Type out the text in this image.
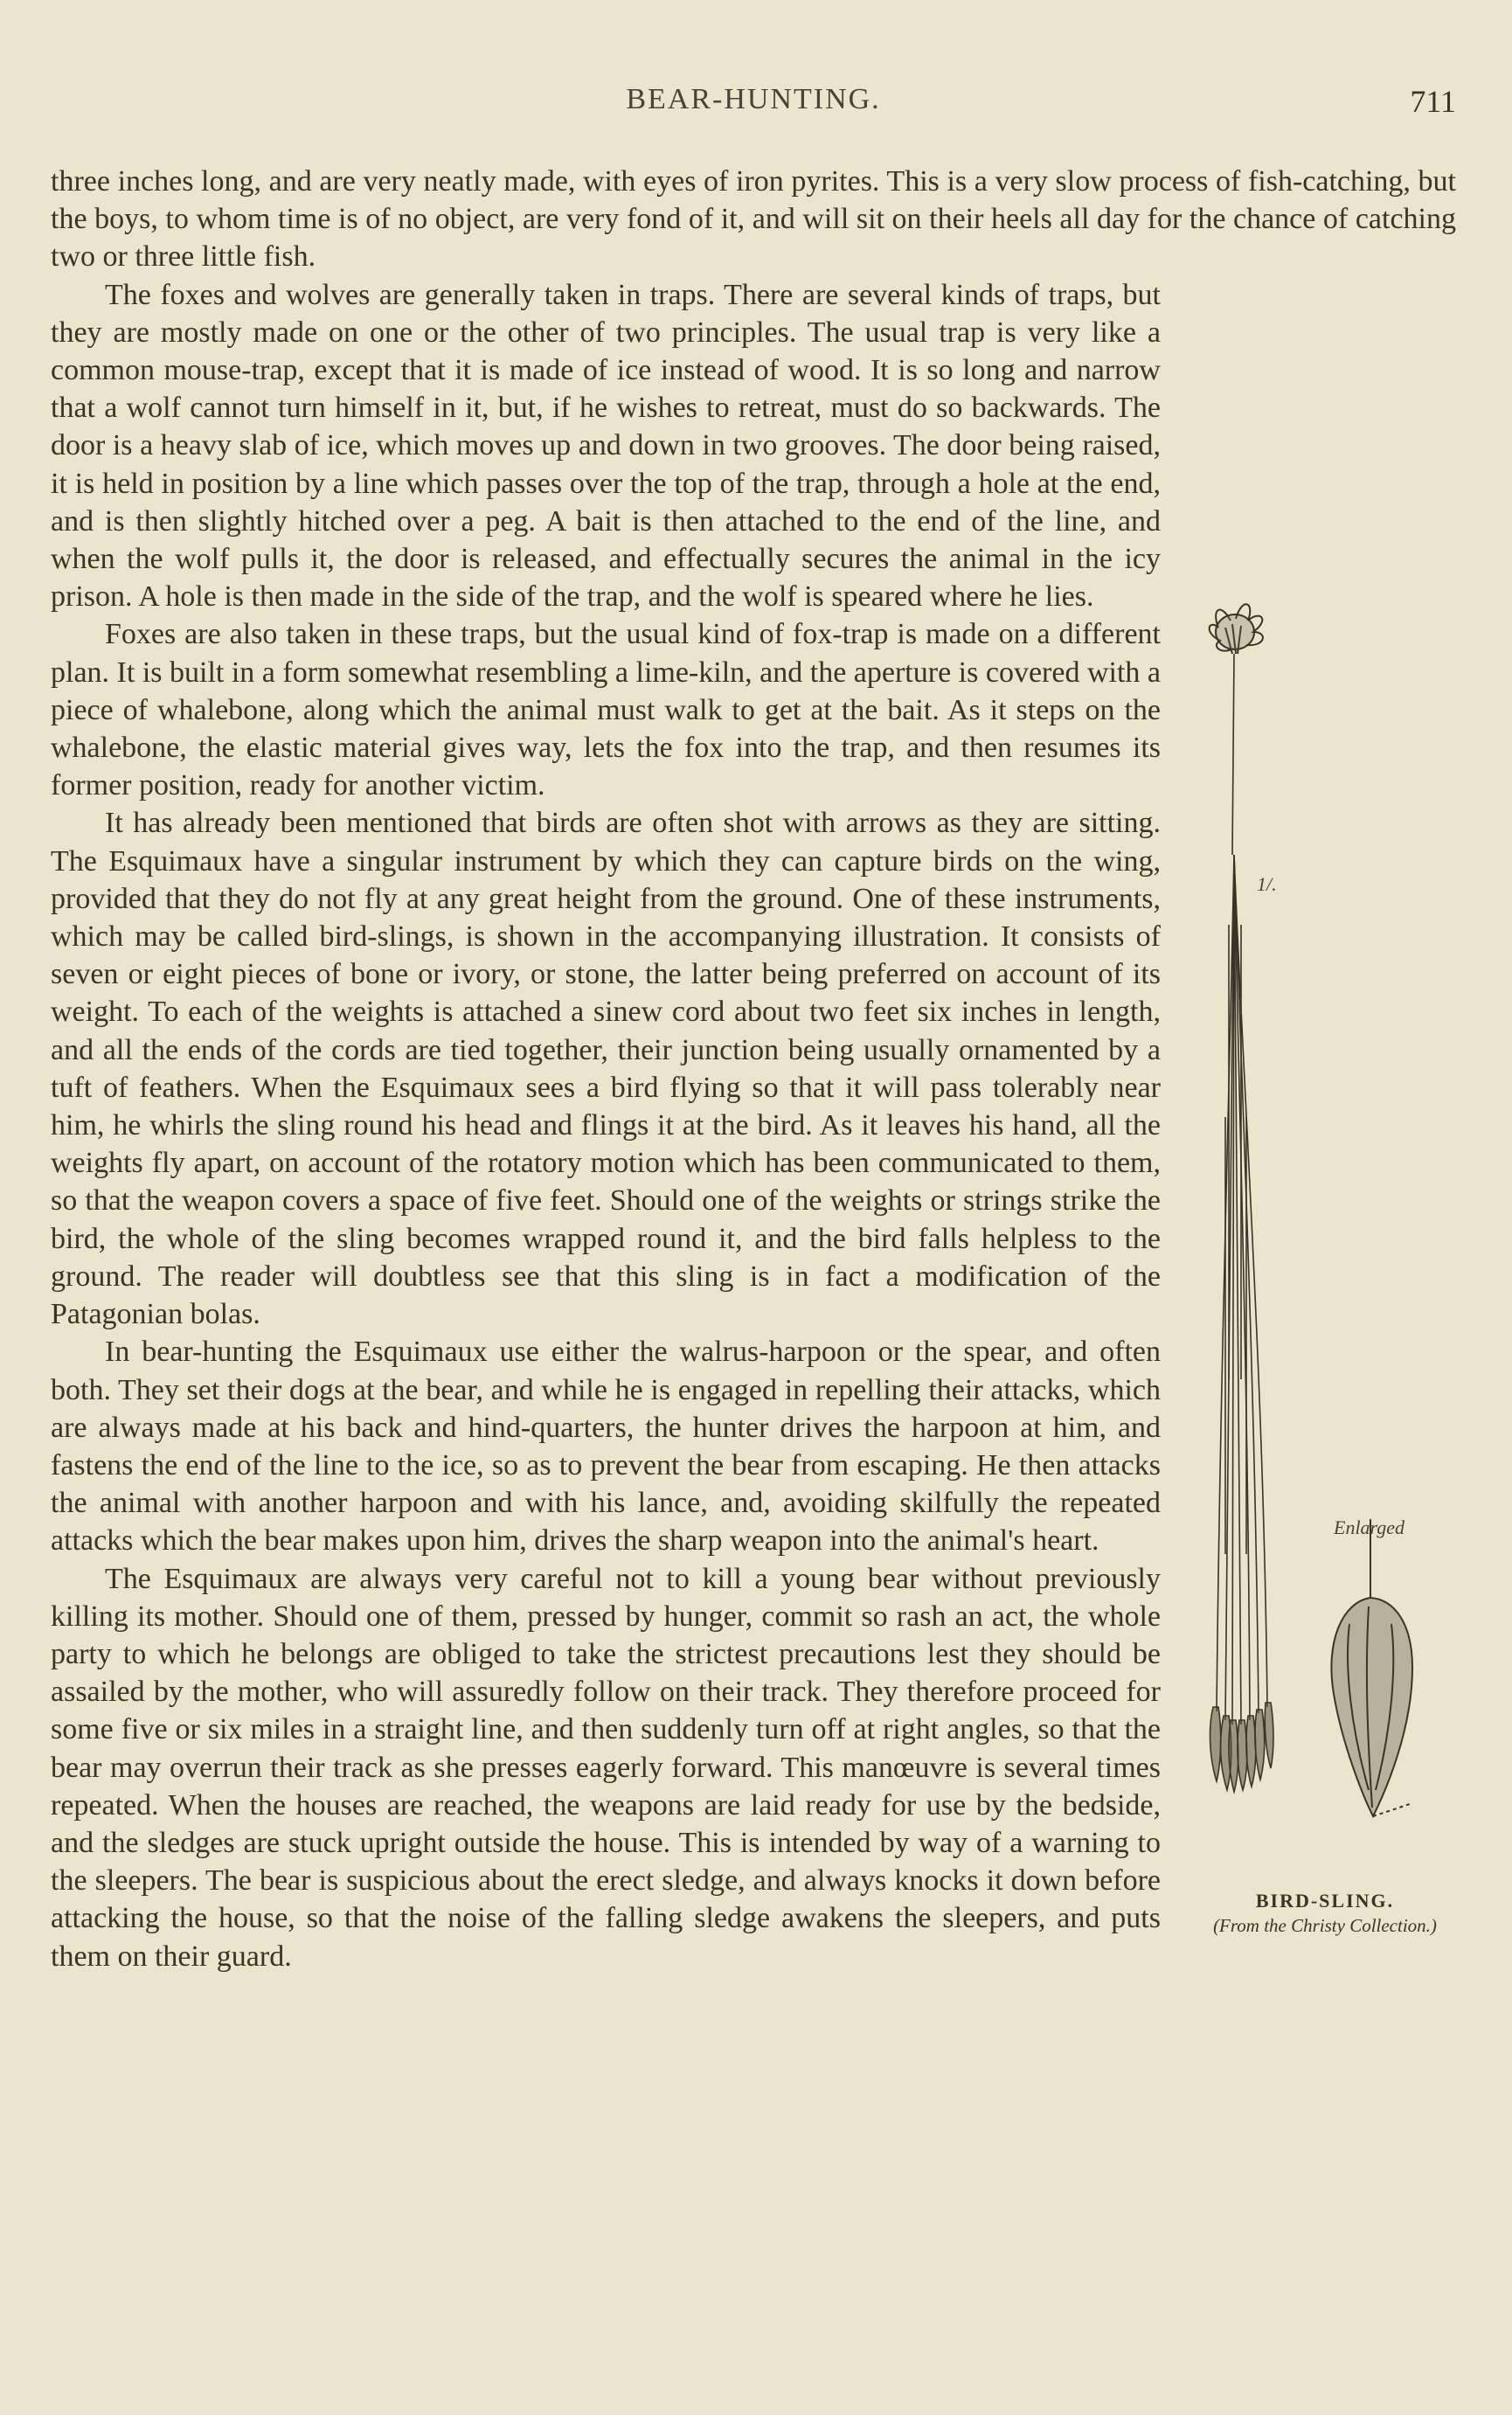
BEAR-HUNTING.	711

three inches long, and are very neatly made, with eyes of iron pyrites. This is a very slow process of fish-catching, but the boys, to whom time is of no object, are very fond of it, and will sit on their heels all day for the chance of catching two or three little fish.

1/.
Enlarged
BIRD-SLING.
(From the Christy Collection.)

The foxes and wolves are generally taken in traps. There are several kinds of traps, but they are mostly made on one or the other of two principles. The usual trap is very like a common mouse-trap, except that it is made of ice instead of wood. It is so long and narrow that a wolf cannot turn himself in it, but, if he wishes to retreat, must do so backwards. The door is a heavy slab of ice, which moves up and down in two grooves. The door being raised, it is held in position by a line which passes over the top of the trap, through a hole at the end, and is then slightly hitched over a peg. A bait is then attached to the end of the line, and when the wolf pulls it, the door is released, and effectually secures the animal in the icy prison. A hole is then made in the side of the trap, and the wolf is speared where he lies.

Foxes are also taken in these traps, but the usual kind of fox-trap is made on a different plan. It is built in a form somewhat resembling a lime-kiln, and the aperture is covered with a piece of whalebone, along which the animal must walk to get at the bait. As it steps on the whalebone, the elastic material gives way, lets the fox into the trap, and then resumes its former position, ready for another victim.

It has already been mentioned that birds are often shot with arrows as they are sitting. The Esquimaux have a singular instrument by which they can capture birds on the wing, provided that they do not fly at any great height from the ground. One of these instruments, which may be called bird-slings, is shown in the accompanying illustration. It consists of seven or eight pieces of bone or ivory, or stone, the latter being preferred on account of its weight. To each of the weights is attached a sinew cord about two feet six inches in length, and all the ends of the cords are tied together, their junction being usually ornamented by a tuft of feathers. When the Esquimaux sees a bird flying so that it will pass tolerably near him, he whirls the sling round his head and flings it at the bird. As it leaves his hand, all the weights fly apart, on account of the rotatory motion which has been communicated to them, so that the weapon covers a space of five feet. Should one of the weights or strings strike the bird, the whole of the sling becomes wrapped round it, and the bird falls helpless to the ground. The reader will doubtless see that this sling is in fact a modification of the Patagonian bolas.

In bear-hunting the Esquimaux use either the walrus-harpoon or the spear, and often both. They set their dogs at the bear, and while he is engaged in repelling their attacks, which are always made at his back and hind-quarters, the hunter drives the harpoon at him, and fastens the end of the line to the ice, so as to prevent the bear from escaping. He then attacks the animal with another harpoon and with his lance, and, avoiding skilfully the repeated attacks which the bear makes upon him, drives the sharp weapon into the animal's heart.

The Esquimaux are always very careful not to kill a young bear without previously killing its mother. Should one of them, pressed by hunger, commit so rash an act, the whole party to which he belongs are obliged to take the strictest precautions lest they should be assailed by the mother, who will assuredly follow on their track. They therefore proceed for some five or six miles in a straight line, and then suddenly turn off at right angles, so that the bear may overrun their track as she presses eagerly forward. This manœuvre is several times repeated. When the houses are reached, the weapons are laid ready for use by the bedside, and the sledges are stuck upright outside the house. This is intended by way of a warning to the sleepers. The bear is suspicious about the erect sledge, and always knocks it down before attacking the house, so that the noise of the falling sledge awakens the sleepers, and puts them on their guard.
